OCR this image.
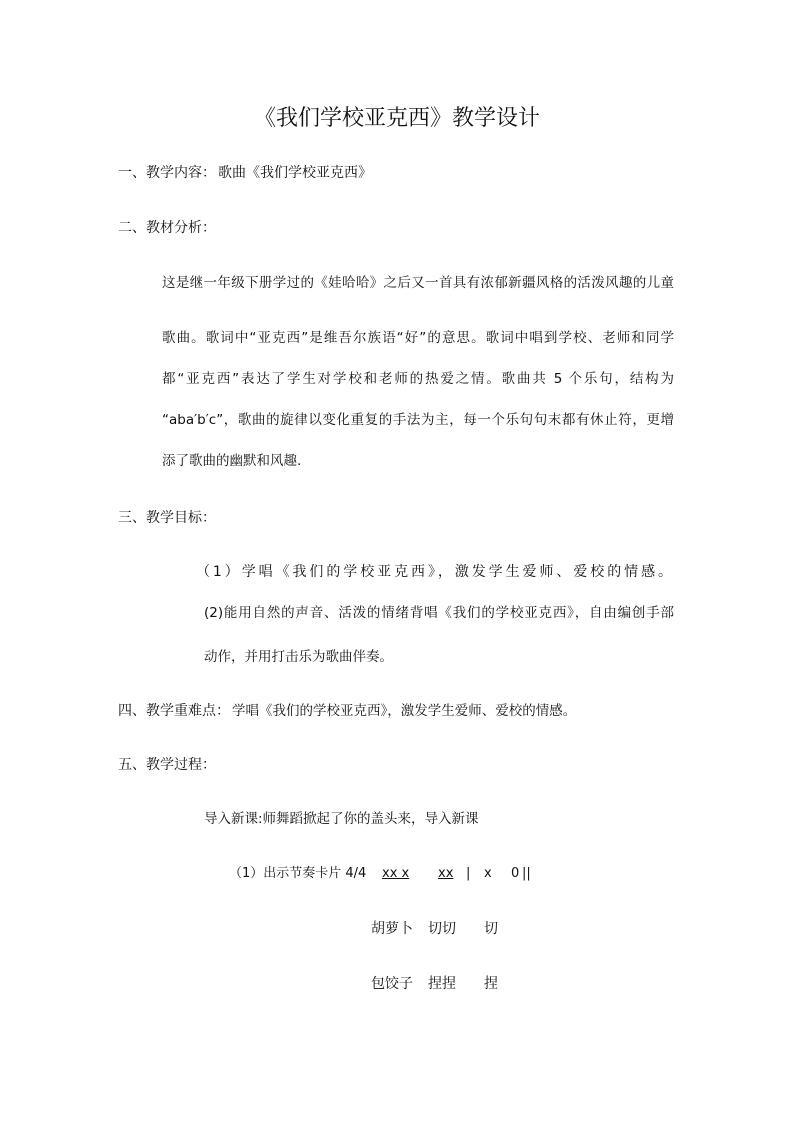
《我们学校亚克西》教学设计
一、教学内容： 歌曲《我们学校亚克西》
二、教材分析：
这是继一年级下册学过的《娃哈哈》之后又一首具有浓郁新疆风格的活泼风趣的儿童
歌曲。歌词中“亚克西”是维吾尔族语“好”的意思。歌词中唱到学校、老师和同学
都“亚克西”表达了学生对学校和老师的热爱之情。歌曲共 5 个乐句，结构为
“aba′b′c”，歌曲的旋律以变化重复的手法为主，每一个乐句句末都有休止符，更增
添了歌曲的幽默和风趣.
三、教学目标：
（1）学唱《我们的学校亚克西》，激发学生爱师、爱校的情感。
(2)能用自然的声音、活泼的情绪背唱《我们的学校亚克西》，自由编创手部
动作，并用打击乐为歌曲伴奏。
四、教学重难点： 学唱《我们的学校亚克西》，激发学生爱师、爱校的情感。
五、教学过程：
导入新课:师舞蹈掀起了你的盖头来，导入新课
（1）出示节奏卡片 4/4 xx x xx | x 0 ||
胡萝卜 切切 切
包饺子 捏捏 捏
